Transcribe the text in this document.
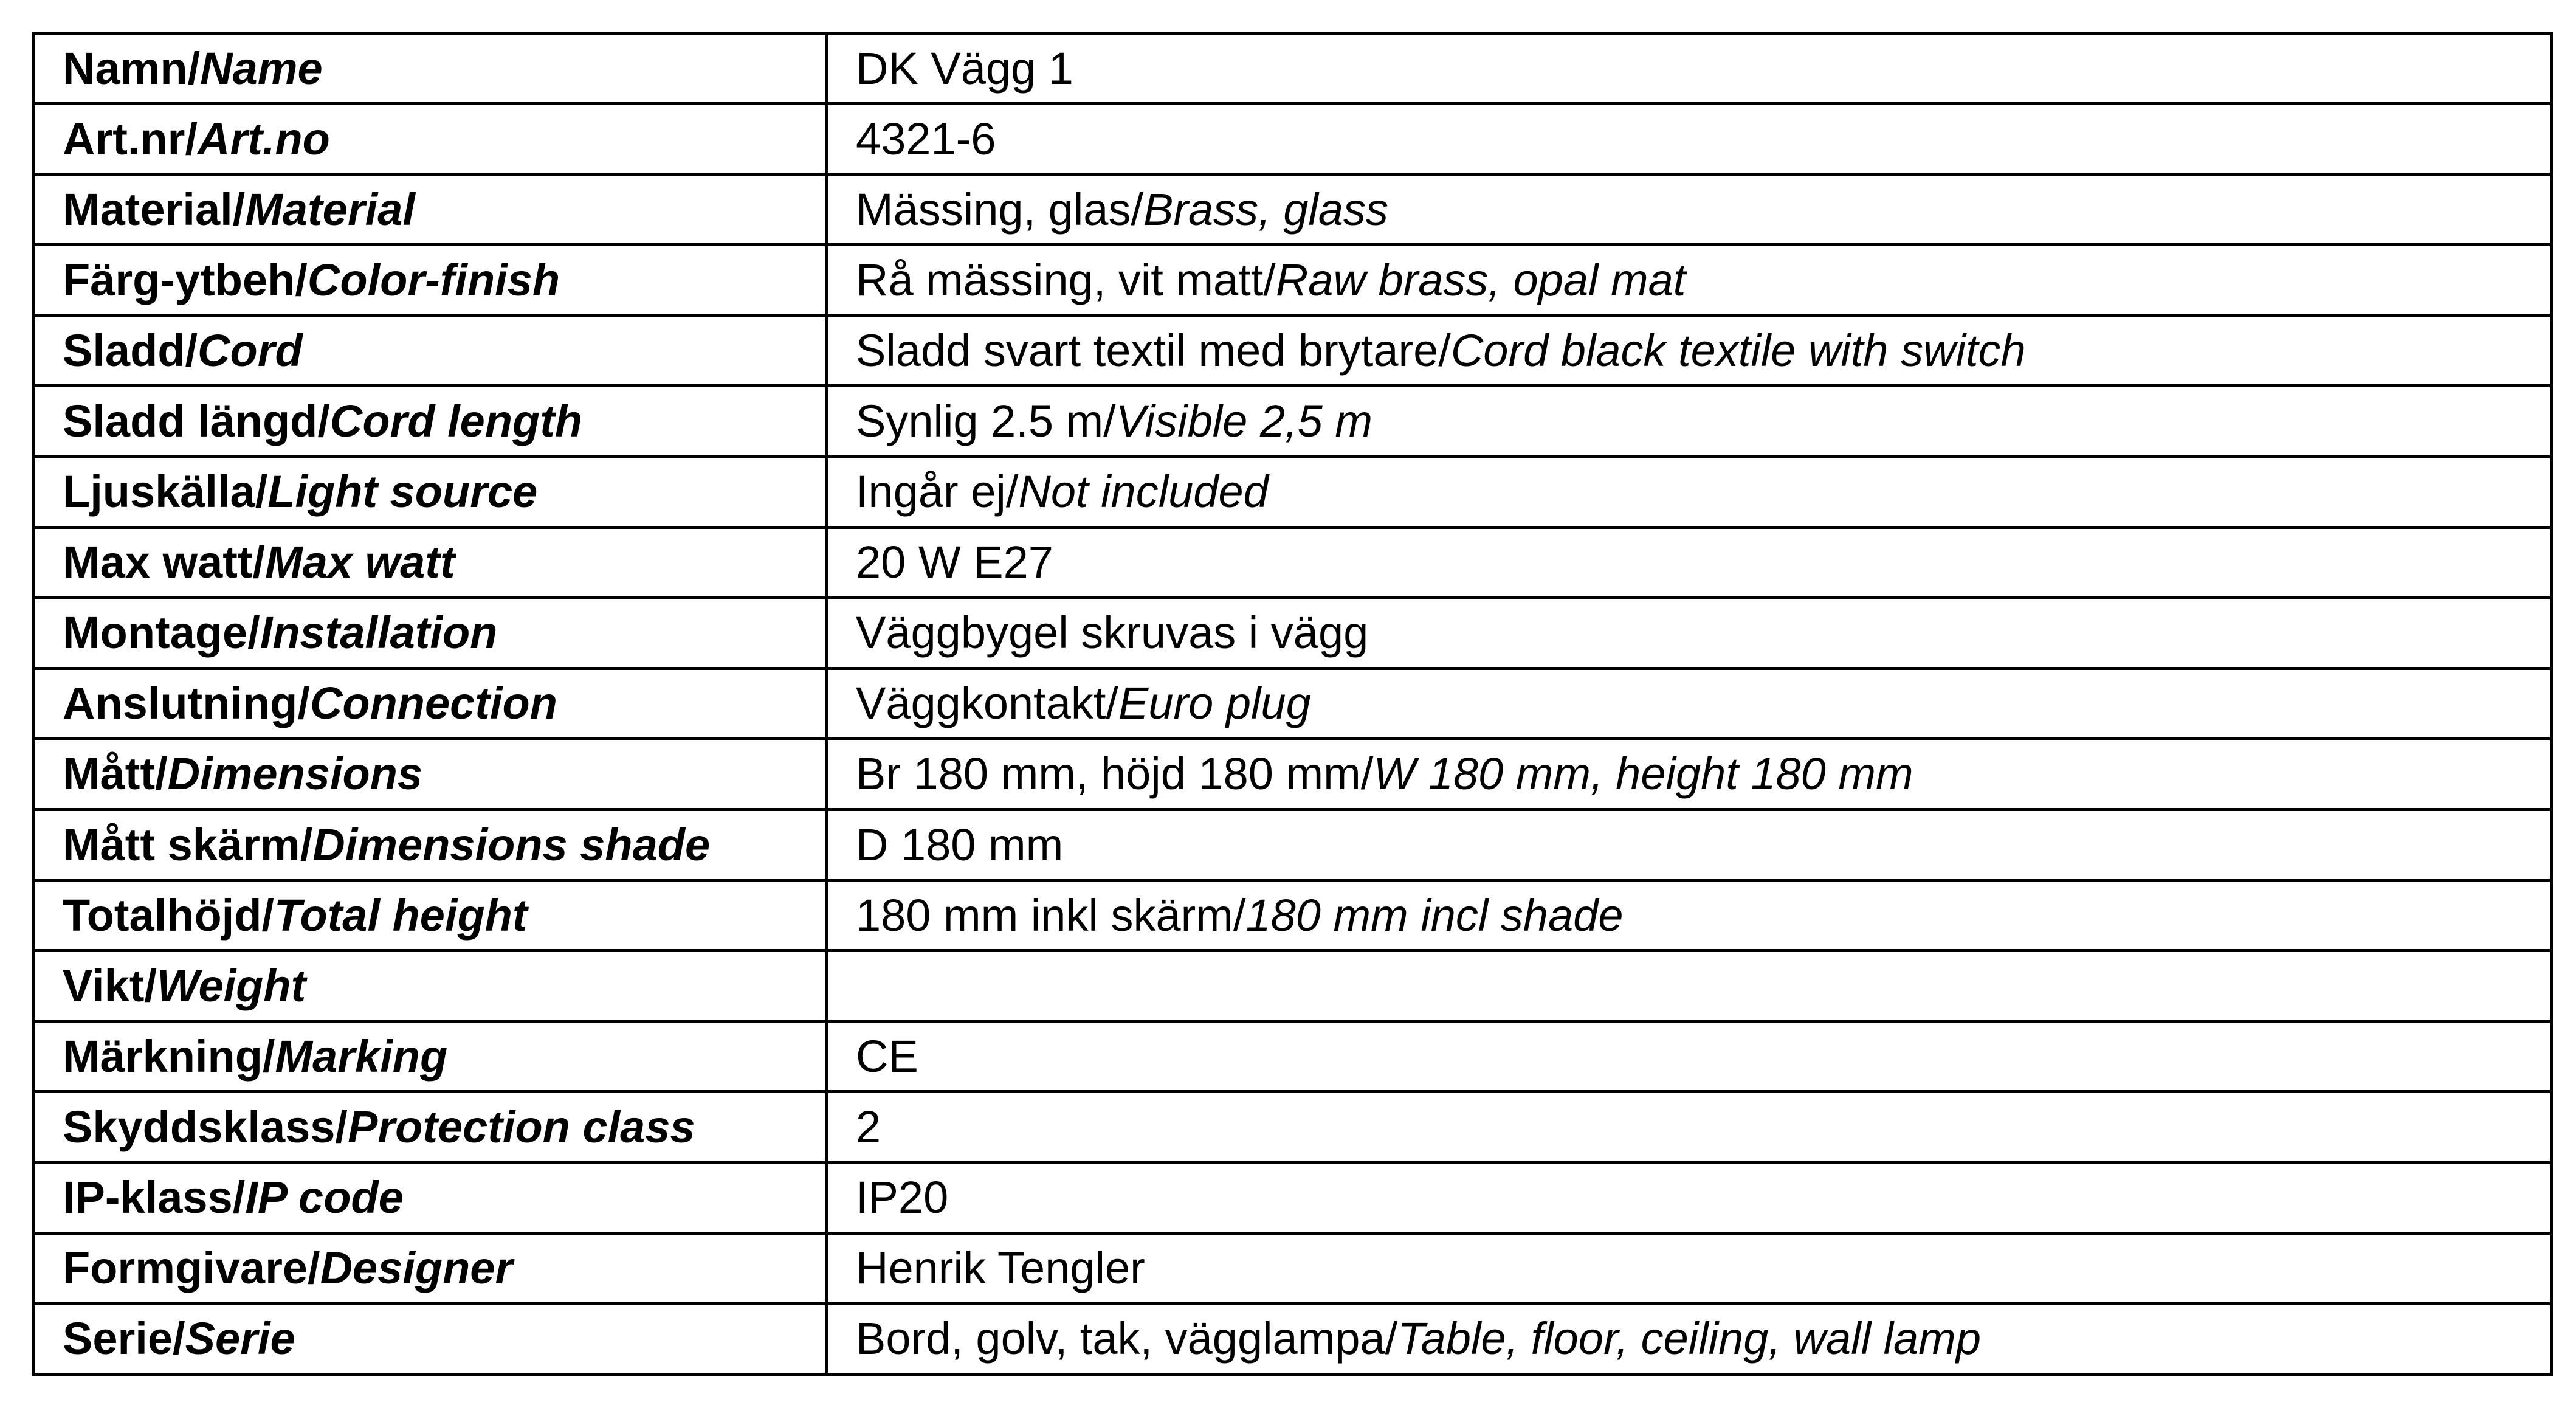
Namn/Name	DK Vägg 1
Art.nr/Art.no	4321-6
Material/Material	Mässing, glas/Brass, glass
Färg-ytbeh/Color-finish	Rå mässing, vit matt/Raw brass, opal mat
Sladd/Cord	Sladd svart textil med brytare/Cord black textile with switch
Sladd längd/Cord length	Synlig 2.5 m/Visible 2,5 m
Ljuskälla/Light source	Ingår ej/Not included
Max watt/Max watt	20 W E27
Montage/Installation	Väggbygel skruvas i vägg
Anslutning/Connection	Väggkontakt/Euro plug
Mått/Dimensions	Br 180 mm, höjd 180 mm/W 180 mm, height 180 mm
Mått skärm/Dimensions shade	D 180 mm
Totalhöjd/Total height	180 mm inkl skärm/180 mm incl shade
Vikt/Weight	
Märkning/Marking	CE
Skyddsklass/Protection class	2
IP-klass/IP code	IP20
Formgivare/Designer	Henrik Tengler
Serie/Serie	Bord, golv, tak, vägglampa/Table, floor, ceiling, wall lamp
